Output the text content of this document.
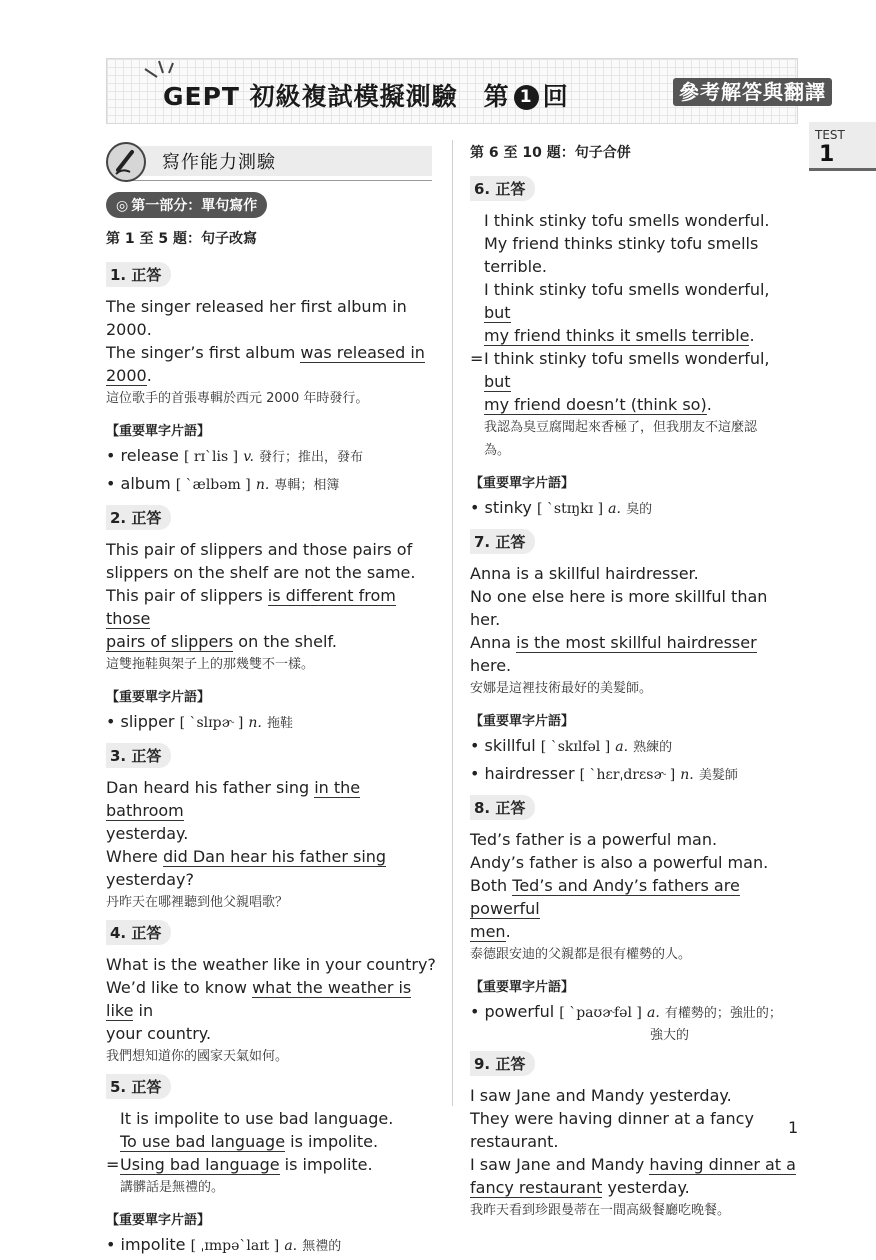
GEPT 初級複試模擬測驗　第 1 回	參考解答與翻譯
TEST
1
寫作能力測驗
◎ 第一部分：單句寫作
第 1 至 5 題：句子改寫
1. 正答
The singer released her first album in 2000.
The singer’s first album was released in 2000.
這位歌手的首張專輯於西元 2000 年時發行。
【重要單字片語】
• release [ rɪˋlis ] v. 發行；推出，發布
• album [ ˋælbəm ] n. 專輯；相簿
2. 正答
This pair of slippers and those pairs of
slippers on the shelf are not the same.
This pair of slippers is different from those
pairs of slippers on the shelf.
這雙拖鞋與架子上的那幾雙不一樣。
【重要單字片語】
• slipper [ ˋslɪpɚ ] n. 拖鞋
3. 正答
Dan heard his father sing in the bathroom
yesterday.
Where did Dan hear his father sing yesterday?
丹昨天在哪裡聽到他父親唱歌？
4. 正答
What is the weather like in your country?
We’d like to know what the weather is like in
your country.
我們想知道你的國家天氣如何。
5. 正答
It is impolite to use bad language.
To use bad language is impolite.
= Using bad language is impolite.
講髒話是無禮的。
【重要單字片語】
• impolite [ ˌɪmpəˋlaɪt ] a. 無禮的
第 6 至 10 題：句子合併
6. 正答
I think stinky tofu smells wonderful.
My friend thinks stinky tofu smells terrible.
I think stinky tofu smells wonderful, but
my friend thinks it smells terrible.
= I think stinky tofu smells wonderful, but
my friend doesn’t (think so).
我認為臭豆腐聞起來香極了，但我朋友不這麼認
為。
【重要單字片語】
• stinky [ ˋstɪŋkɪ ] a. 臭的
7. 正答
Anna is a skillful hairdresser.
No one else here is more skillful than her.
Anna is the most skillful hairdresser here.
安娜是這裡技術最好的美髮師。
【重要單字片語】
• skillful [ ˋskɪlfəl ] a. 熟練的
• hairdresser [ ˋhɛrˌdrɛsɚ ] n. 美髮師
8. 正答
Ted’s father is a powerful man.
Andy’s father is also a powerful man.
Both Ted’s and Andy’s fathers are powerful
men.
泰德跟安迪的父親都是很有權勢的人。
【重要單字片語】
• powerful [ ˋpaʊɚfəl ] a. 有權勢的；強壯的；
強大的
9. 正答
I saw Jane and Mandy yesterday.
They were having dinner at a fancy
restaurant.
I saw Jane and Mandy having dinner at a
fancy restaurant yesterday.
我昨天看到珍跟曼蒂在一間高級餐廳吃晚餐。
1
